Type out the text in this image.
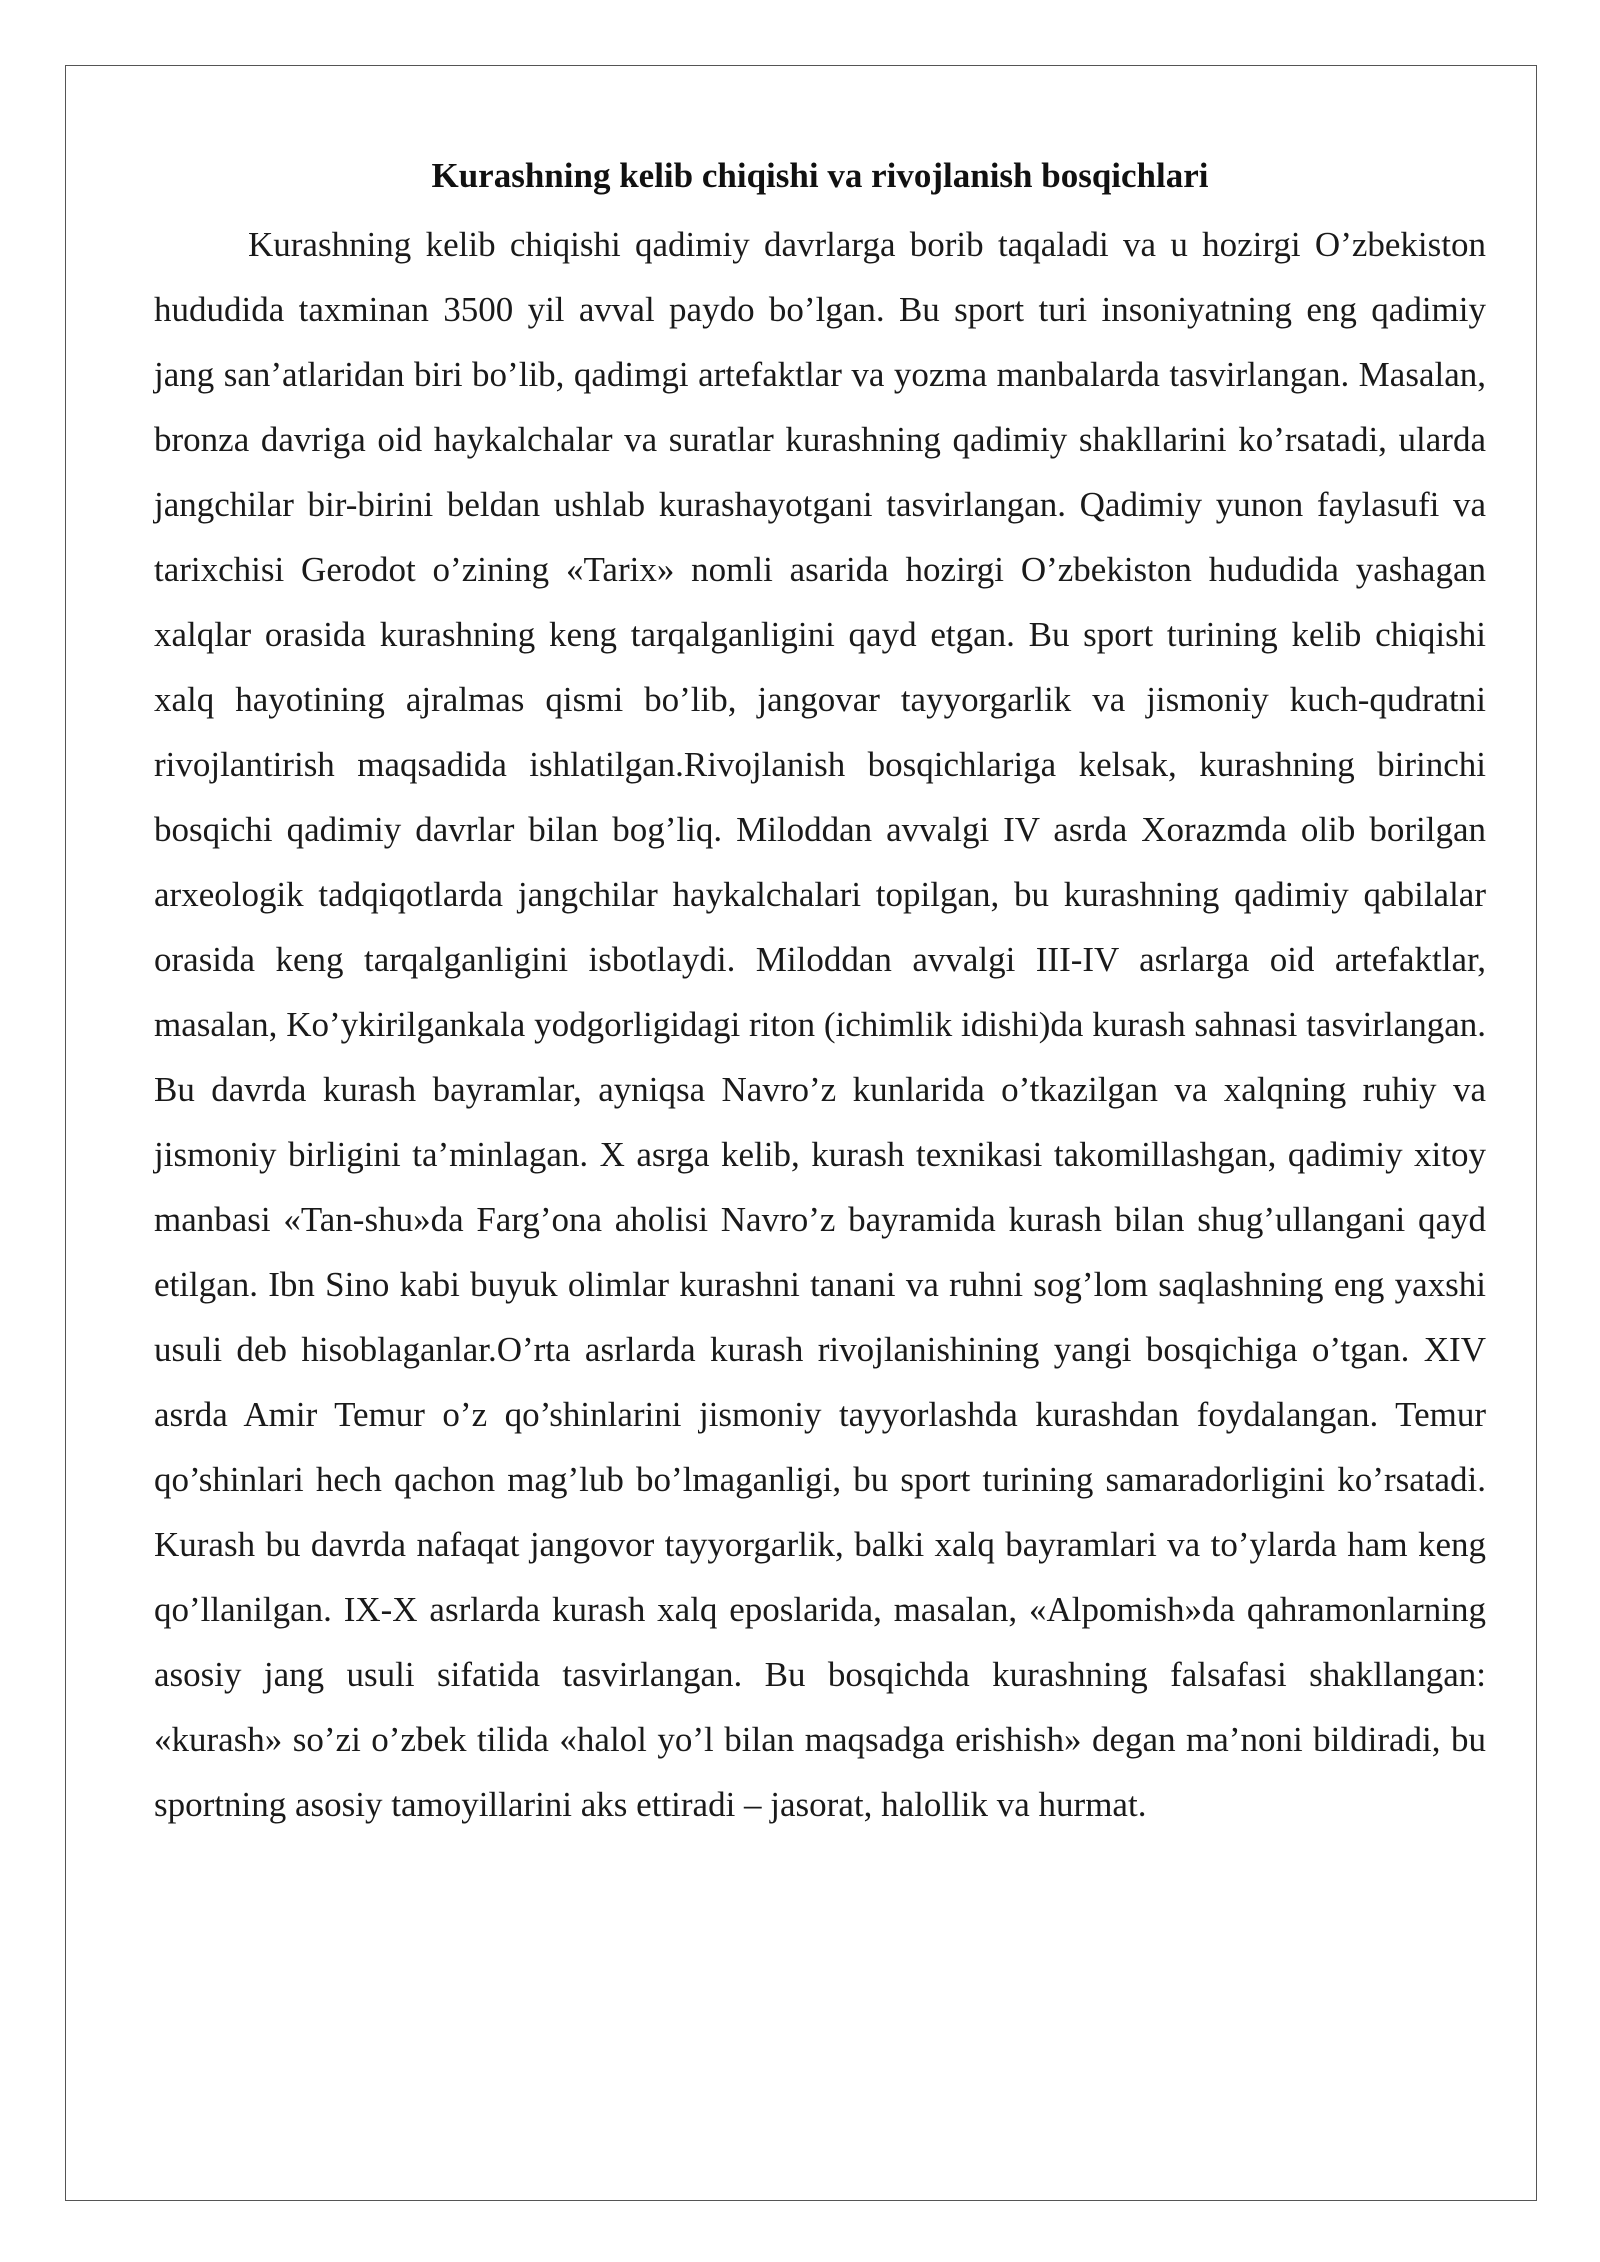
Kurashning kelib chiqishi va rivojlanish bosqichlari

Kurashning kelib chiqishi qadimiy davrlarga borib taqaladi va u hozirgi O’zbekiston hududida taxminan 3500 yil avval paydo bo’lgan. Bu sport turi insoniyatning eng qadimiy jang san’atlaridan biri bo’lib, qadimgi artefaktlar va yozma manbalarda tasvirlangan. Masalan, bronza davriga oid haykalchalar va suratlar kurashning qadimiy shakllarini ko’rsatadi, ularda jangchilar bir-birini beldan ushlab kurashayotgani tasvirlangan. Qadimiy yunon faylasufi va tarixchisi Gerodot o’zining «Tarix» nomli asarida hozirgi O’zbekiston hududida yashagan xalqlar orasida kurashning keng tarqalganligini qayd etgan. Bu sport turining kelib chiqishi xalq hayotining ajralmas qismi bo’lib, jangovar tayyorgarlik va jismoniy kuch-qudratni rivojlantirish maqsadida ishlatilgan.Rivojlanish bosqichlariga kelsak, kurashning birinchi bosqichi qadimiy davrlar bilan bog’liq. Miloddan avvalgi IV asrda Xorazmda olib borilgan arxeologik tadqiqotlarda jangchilar haykalchalari topilgan, bu kurashning qadimiy qabilalar orasida keng tarqalganligini isbotlaydi. Miloddan avvalgi III-IV asrlarga oid artefaktlar, masalan, Ko’ykirilgankala yodgorligidagi riton (ichimlik idishi)da kurash sahnasi tasvirlangan. Bu davrda kurash bayramlar, ayniqsa Navro’z kunlarida o’tkazilgan va xalqning ruhiy va jismoniy birligini ta’minlagan. X asrga kelib, kurash texnikasi takomillashgan, qadimiy xitoy manbasi «Tan-shu»da Farg’ona aholisi Navro’z bayramida kurash bilan shug’ullangani qayd etilgan. Ibn Sino kabi buyuk olimlar kurashni tanani va ruhni sog’lom saqlashning eng yaxshi usuli deb hisoblaganlar.O’rta asrlarda kurash rivojlanishining yangi bosqichiga o’tgan. XIV asrda Amir Temur o’z qo’shinlarini jismoniy tayyorlashda kurashdan foydalangan. Temur qo’shinlari hech qachon mag’lub bo’lmaganligi, bu sport turining samaradorligini ko’rsatadi. Kurash bu davrda nafaqat jangovor tayyorgarlik, balki xalq bayramlari va to’ylarda ham keng qo’llanilgan. IX-X asrlarda kurash xalq eposlarida, masalan, «Alpomish»da qahramonlarning asosiy jang usuli sifatida tasvirlangan. Bu bosqichda kurashning falsafasi shakllangan: «kurash» so’zi o’zbek tilida «halol yo’l bilan maqsadga erishish» degan ma’noni bildiradi, bu sportning asosiy tamoyillarini aks ettiradi – jasorat, halollik va hurmat.
